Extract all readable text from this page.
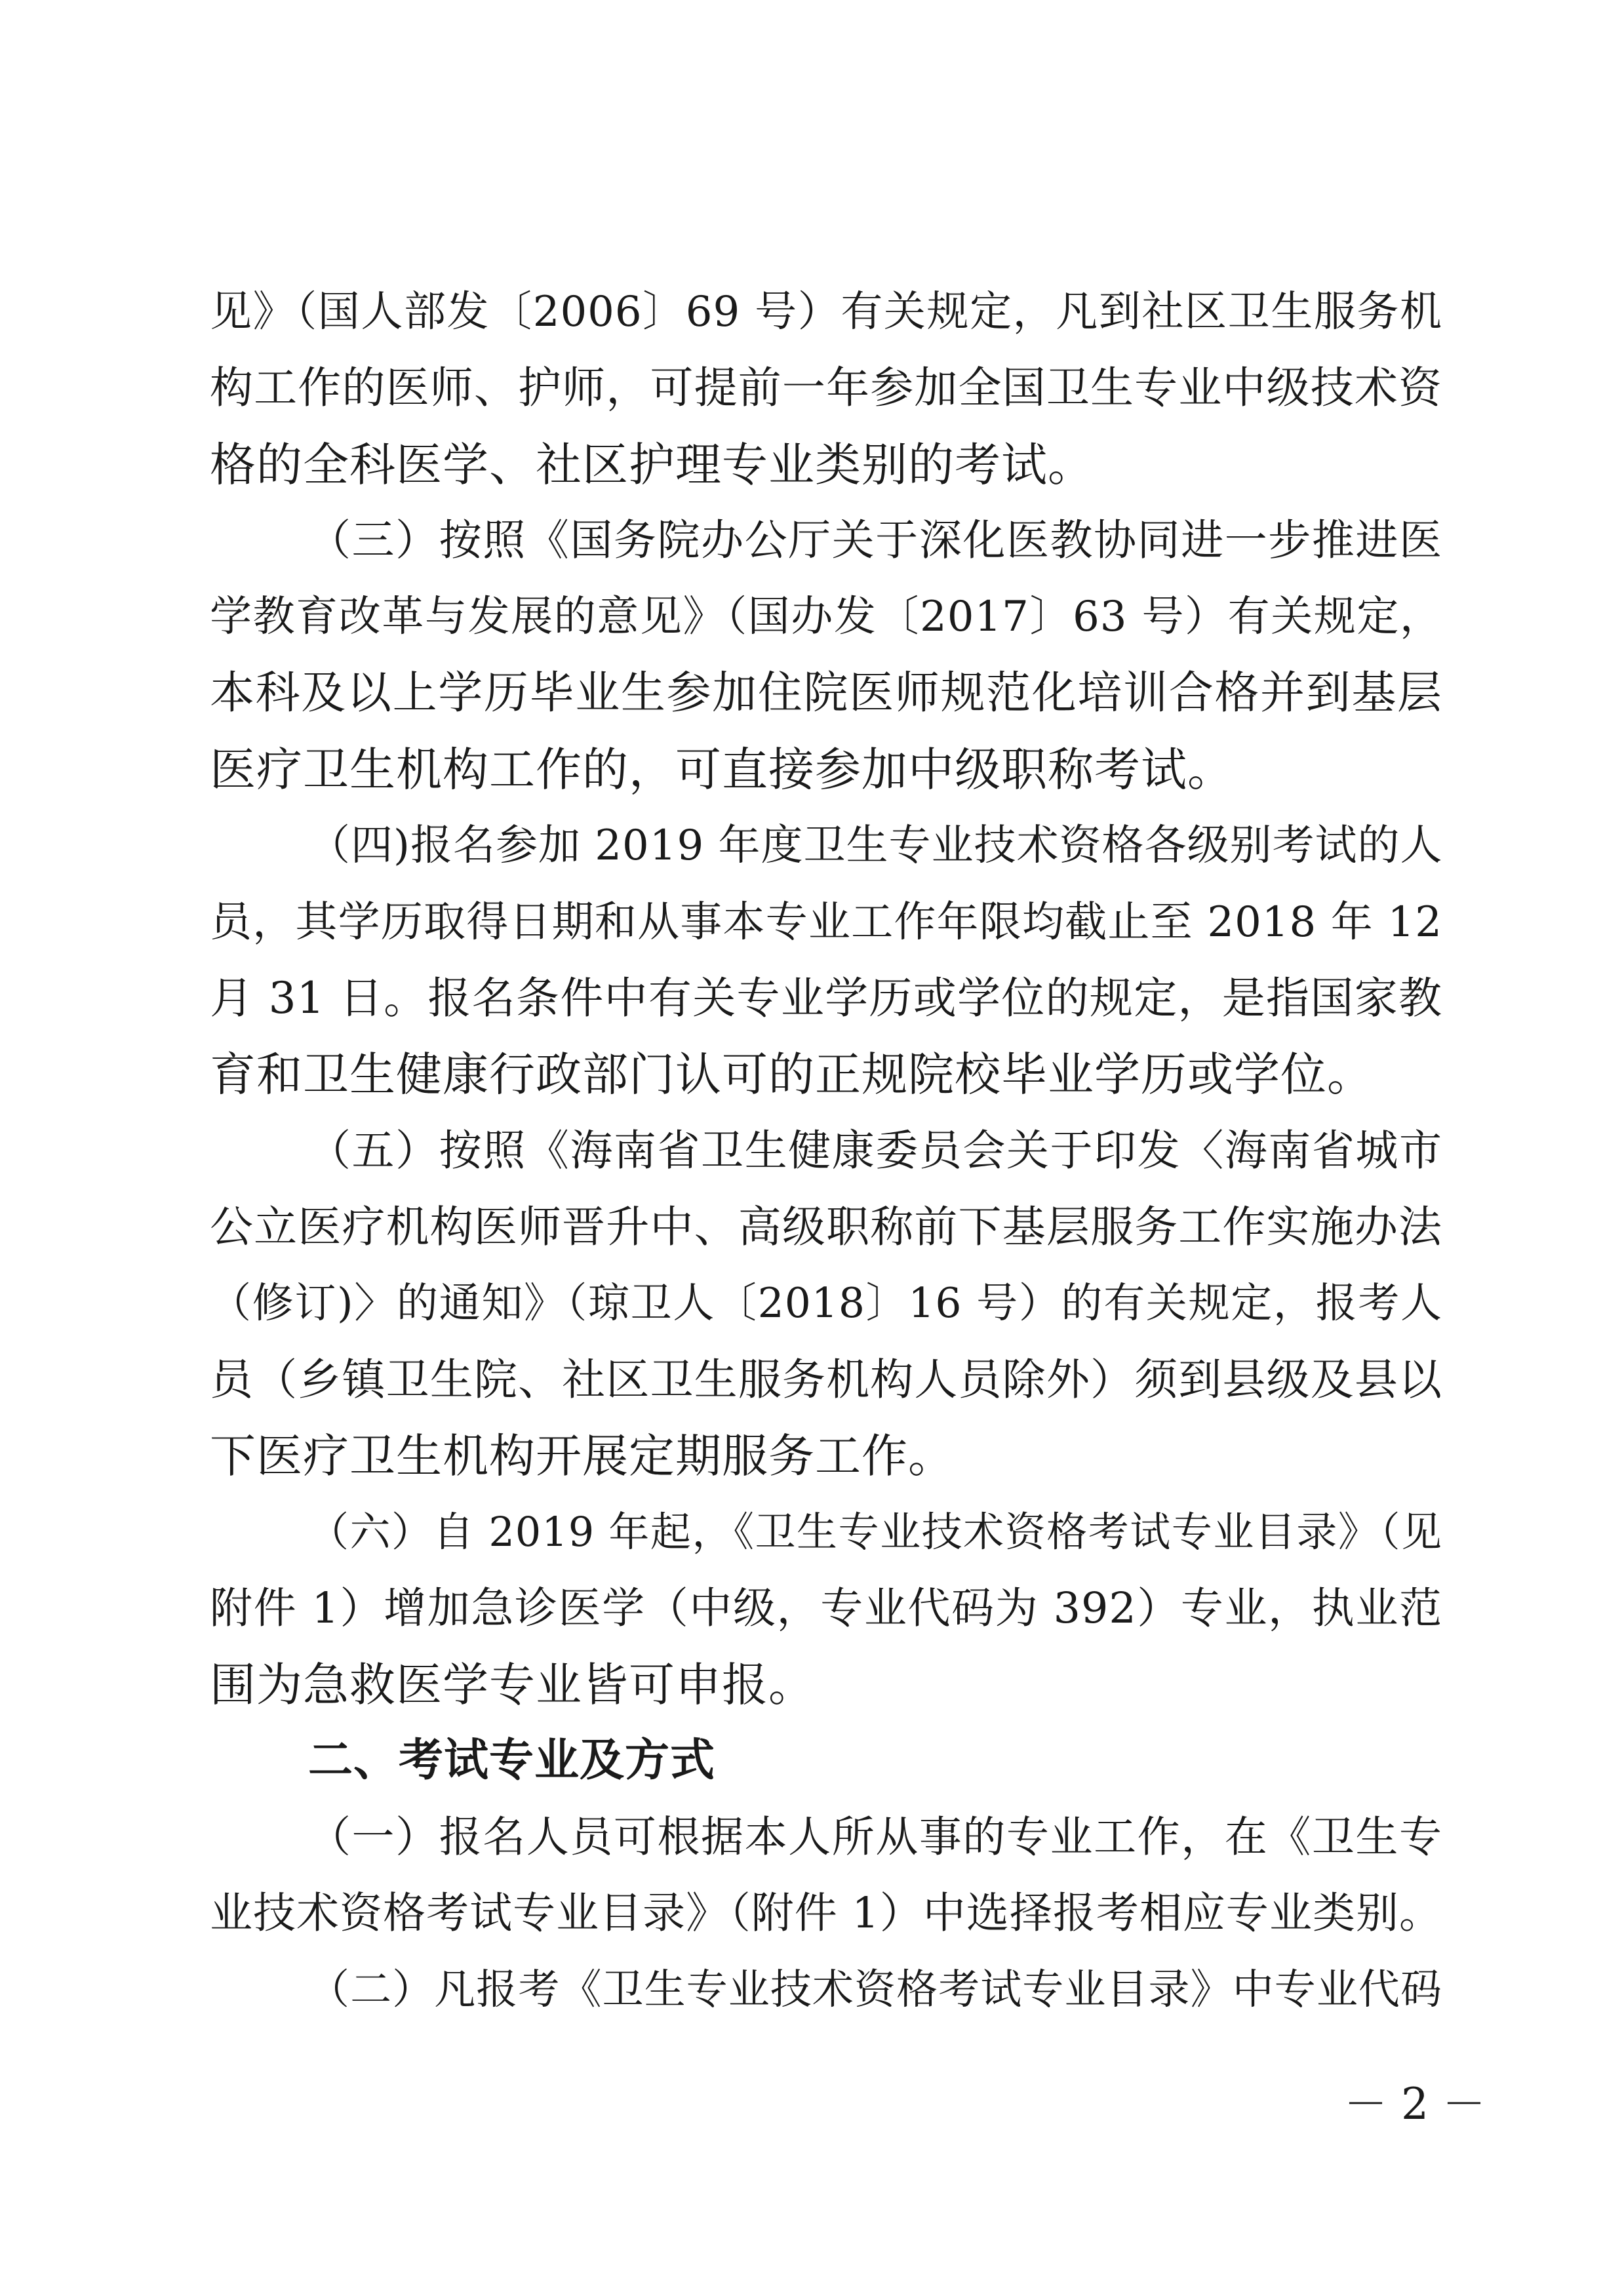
见》（国人部发〔2006〕69 号）有关规定，凡到社区卫生服务机
构工作的医师、护师，可提前一年参加全国卫生专业中级技术资
格的全科医学、社区护理专业类别的考试。
（三）按照《国务院办公厅关于深化医教协同进一步推进医
学教育改革与发展的意见》（国办发〔2017〕63 号）有关规定，
本科及以上学历毕业生参加住院医师规范化培训合格并到基层
医疗卫生机构工作的，可直接参加中级职称考试。
（四)报名参加 2019 年度卫生专业技术资格各级别考试的人
员，其学历取得日期和从事本专业工作年限均截止至 2018 年 12
月 31 日。报名条件中有关专业学历或学位的规定，是指国家教
育和卫生健康行政部门认可的正规院校毕业学历或学位。
（五）按照《海南省卫生健康委员会关于印发〈海南省城市
公立医疗机构医师晋升中、高级职称前下基层服务工作实施办法
（修订)〉的通知》（琼卫人〔2018〕16 号）的有关规定，报考人
员（乡镇卫生院、社区卫生服务机构人员除外）须到县级及县以
下医疗卫生机构开展定期服务工作。
（六）自 2019 年起，《卫生专业技术资格考试专业目录》（见
附件 1）增加急诊医学（中级，专业代码为 392）专业，执业范
围为急救医学专业皆可申报。
二、考试专业及方式
（一）报名人员可根据本人所从事的专业工作，在《卫生专
业技术资格考试专业目录》（附件 1）中选择报考相应专业类别。
（二）凡报考《卫生专业技术资格考试专业目录》中专业代码
－ 2 －
